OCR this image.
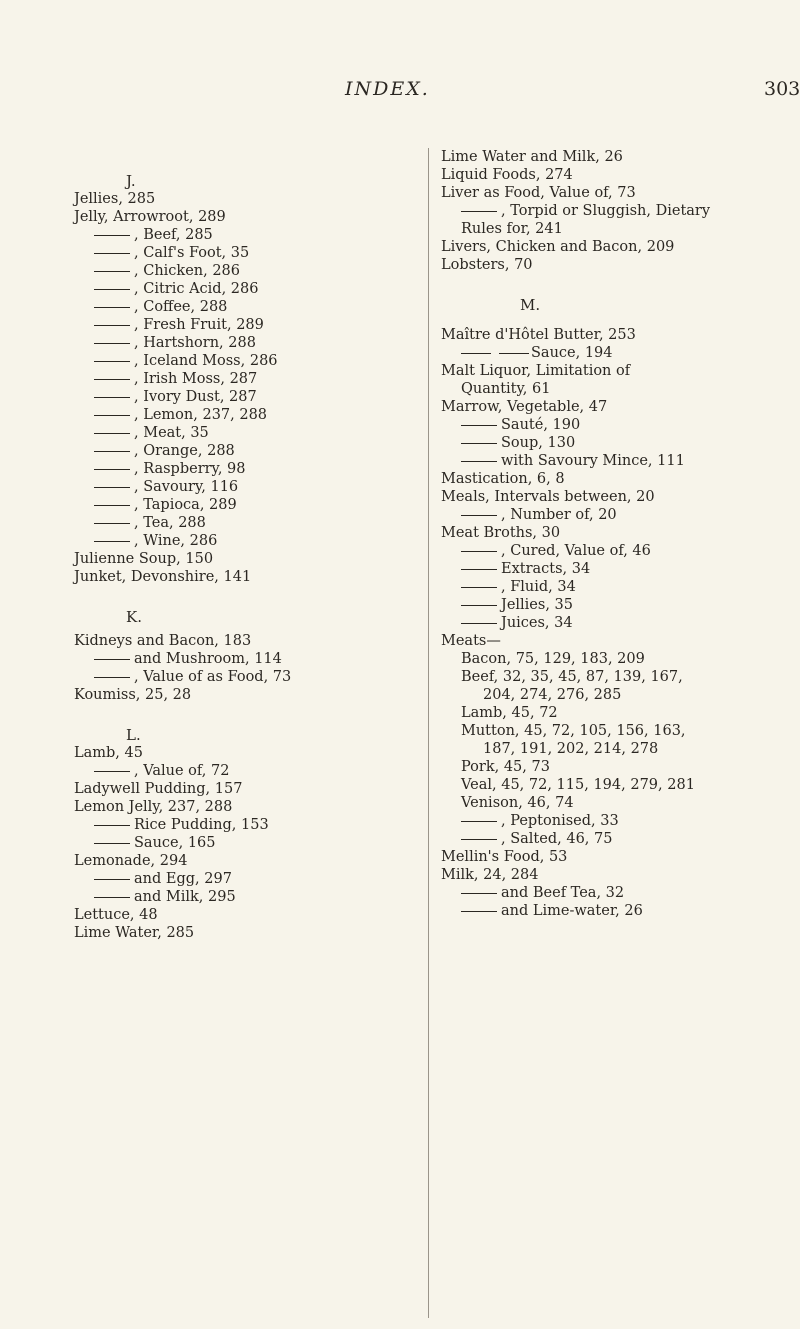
INDEX.	303
J.
Jellies, 285
Jelly, Arrowroot, 289
, Beef, 285
, Calf's Foot, 35
, Chicken, 286
, Citric Acid, 286
, Coffee, 288
, Fresh Fruit, 289
, Hartshorn, 288
, Iceland Moss, 286
, Irish Moss, 287
, Ivory Dust, 287
, Lemon, 237, 288
, Meat, 35
, Orange, 288
, Raspberry, 98
, Savoury, 116
, Tapioca, 289
, Tea, 288
, Wine, 286
Julienne Soup, 150
Junket, Devonshire, 141
K.
Kidneys and Bacon, 183
and Mushroom, 114
, Value of as Food, 73
Koumiss, 25, 28
L.
Lamb, 45
, Value of, 72
Ladywell Pudding, 157
Lemon Jelly, 237, 288
Rice Pudding, 153
Sauce, 165
Lemonade, 294
and Egg, 297
and Milk, 295
Lettuce, 48
Lime Water, 285
Lime Water and Milk, 26
Liquid Foods, 274
Liver as Food, Value of, 73
, Torpid or Sluggish, Dietary
Rules for, 241
Livers, Chicken and Bacon, 209
Lobsters, 70
M.
Maître d'Hôtel Butter, 253
Sauce, 194
Malt Liquor, Limitation of
Quantity, 61
Marrow, Vegetable, 47
Sauté, 190
Soup, 130
with Savoury Mince, 111
Mastication, 6, 8
Meals, Intervals between, 20
, Number of, 20
Meat Broths, 30
, Cured, Value of, 46
Extracts, 34
, Fluid, 34
Jellies, 35
Juices, 34
Meats—
Bacon, 75, 129, 183, 209
Beef, 32, 35, 45, 87, 139, 167,
204, 274, 276, 285
Lamb, 45, 72
Mutton, 45, 72, 105, 156, 163,
187, 191, 202, 214, 278
Pork, 45, 73
Veal, 45, 72, 115, 194, 279, 281
Venison, 46, 74
, Peptonised, 33
, Salted, 46, 75
Mellin's Food, 53
Milk, 24, 284
and Beef Tea, 32
and Lime-water, 26
